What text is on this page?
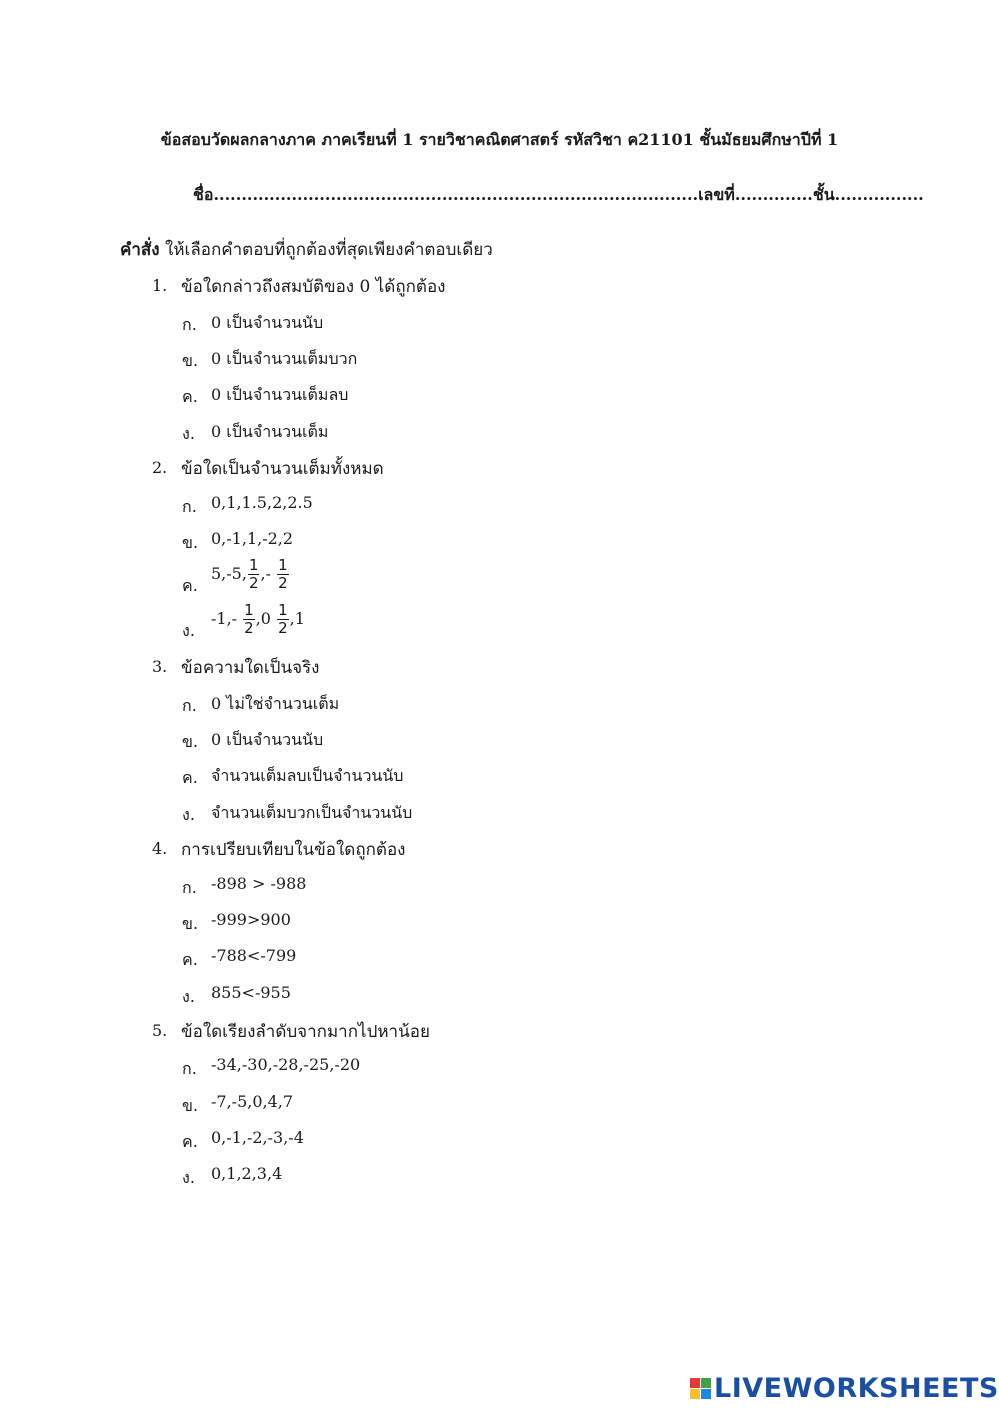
ข้อสอบวัดผลกลางภาค ภาคเรียนที่ 1 รายวิชาคณิตศาสตร์ รหัสวิชา ค21101 ชั้นมัธยมศึกษาปีที่ 1
ชื่อ.......................................................................................เลขที่..............ชั้น................
คำสั่ง ให้เลือกคำตอบที่ถูกต้องที่สุดเพียงคำตอบเดียว
1. ข้อใดกล่าวถึงสมบัติของ 0 ได้ถูกต้อง
ก. 0 เป็นจำนวนนับ
ข. 0 เป็นจำนวนเต็มบวก
ค. 0 เป็นจำนวนเต็มลบ
ง. 0 เป็นจำนวนเต็ม
2. ข้อใดเป็นจำนวนเต็มทั้งหมด
ก. 0,1,1.5,2,2.5
ข. 0,-1,1,-2,2
ค.
5,-5, $\frac{1}{2}$ ,- $\frac{1}{2}$
ง.
$-1,- \frac{1}{2} ,0 \frac{1}{2} ,1$
3. ข้อความใดเป็นจริง
ก. 0 ไม่ใช่จำนวนเต็ม
ข. 0 เป็นจำนวนนับ
ค. จำนวนเต็มลบเป็นจำนวนนับ
ง. จำนวนเต็มบวกเป็นจำนวนนับ
4. การเปรียบเทียบในข้อใดถูกต้อง
ก. -898 > -988
ข. -999>900
ค. -788<-799
ง. 855<-955
5. ข้อใดเรียงลำดับจากมากไปหาน้อย
ก. -34,-30,-28,-25,-20
ข. -7,-5,0,4,7
ค. 0,-1,-2,-3,-4
ง. 0,1,2,3,4
LIVEWORKSHEETS
